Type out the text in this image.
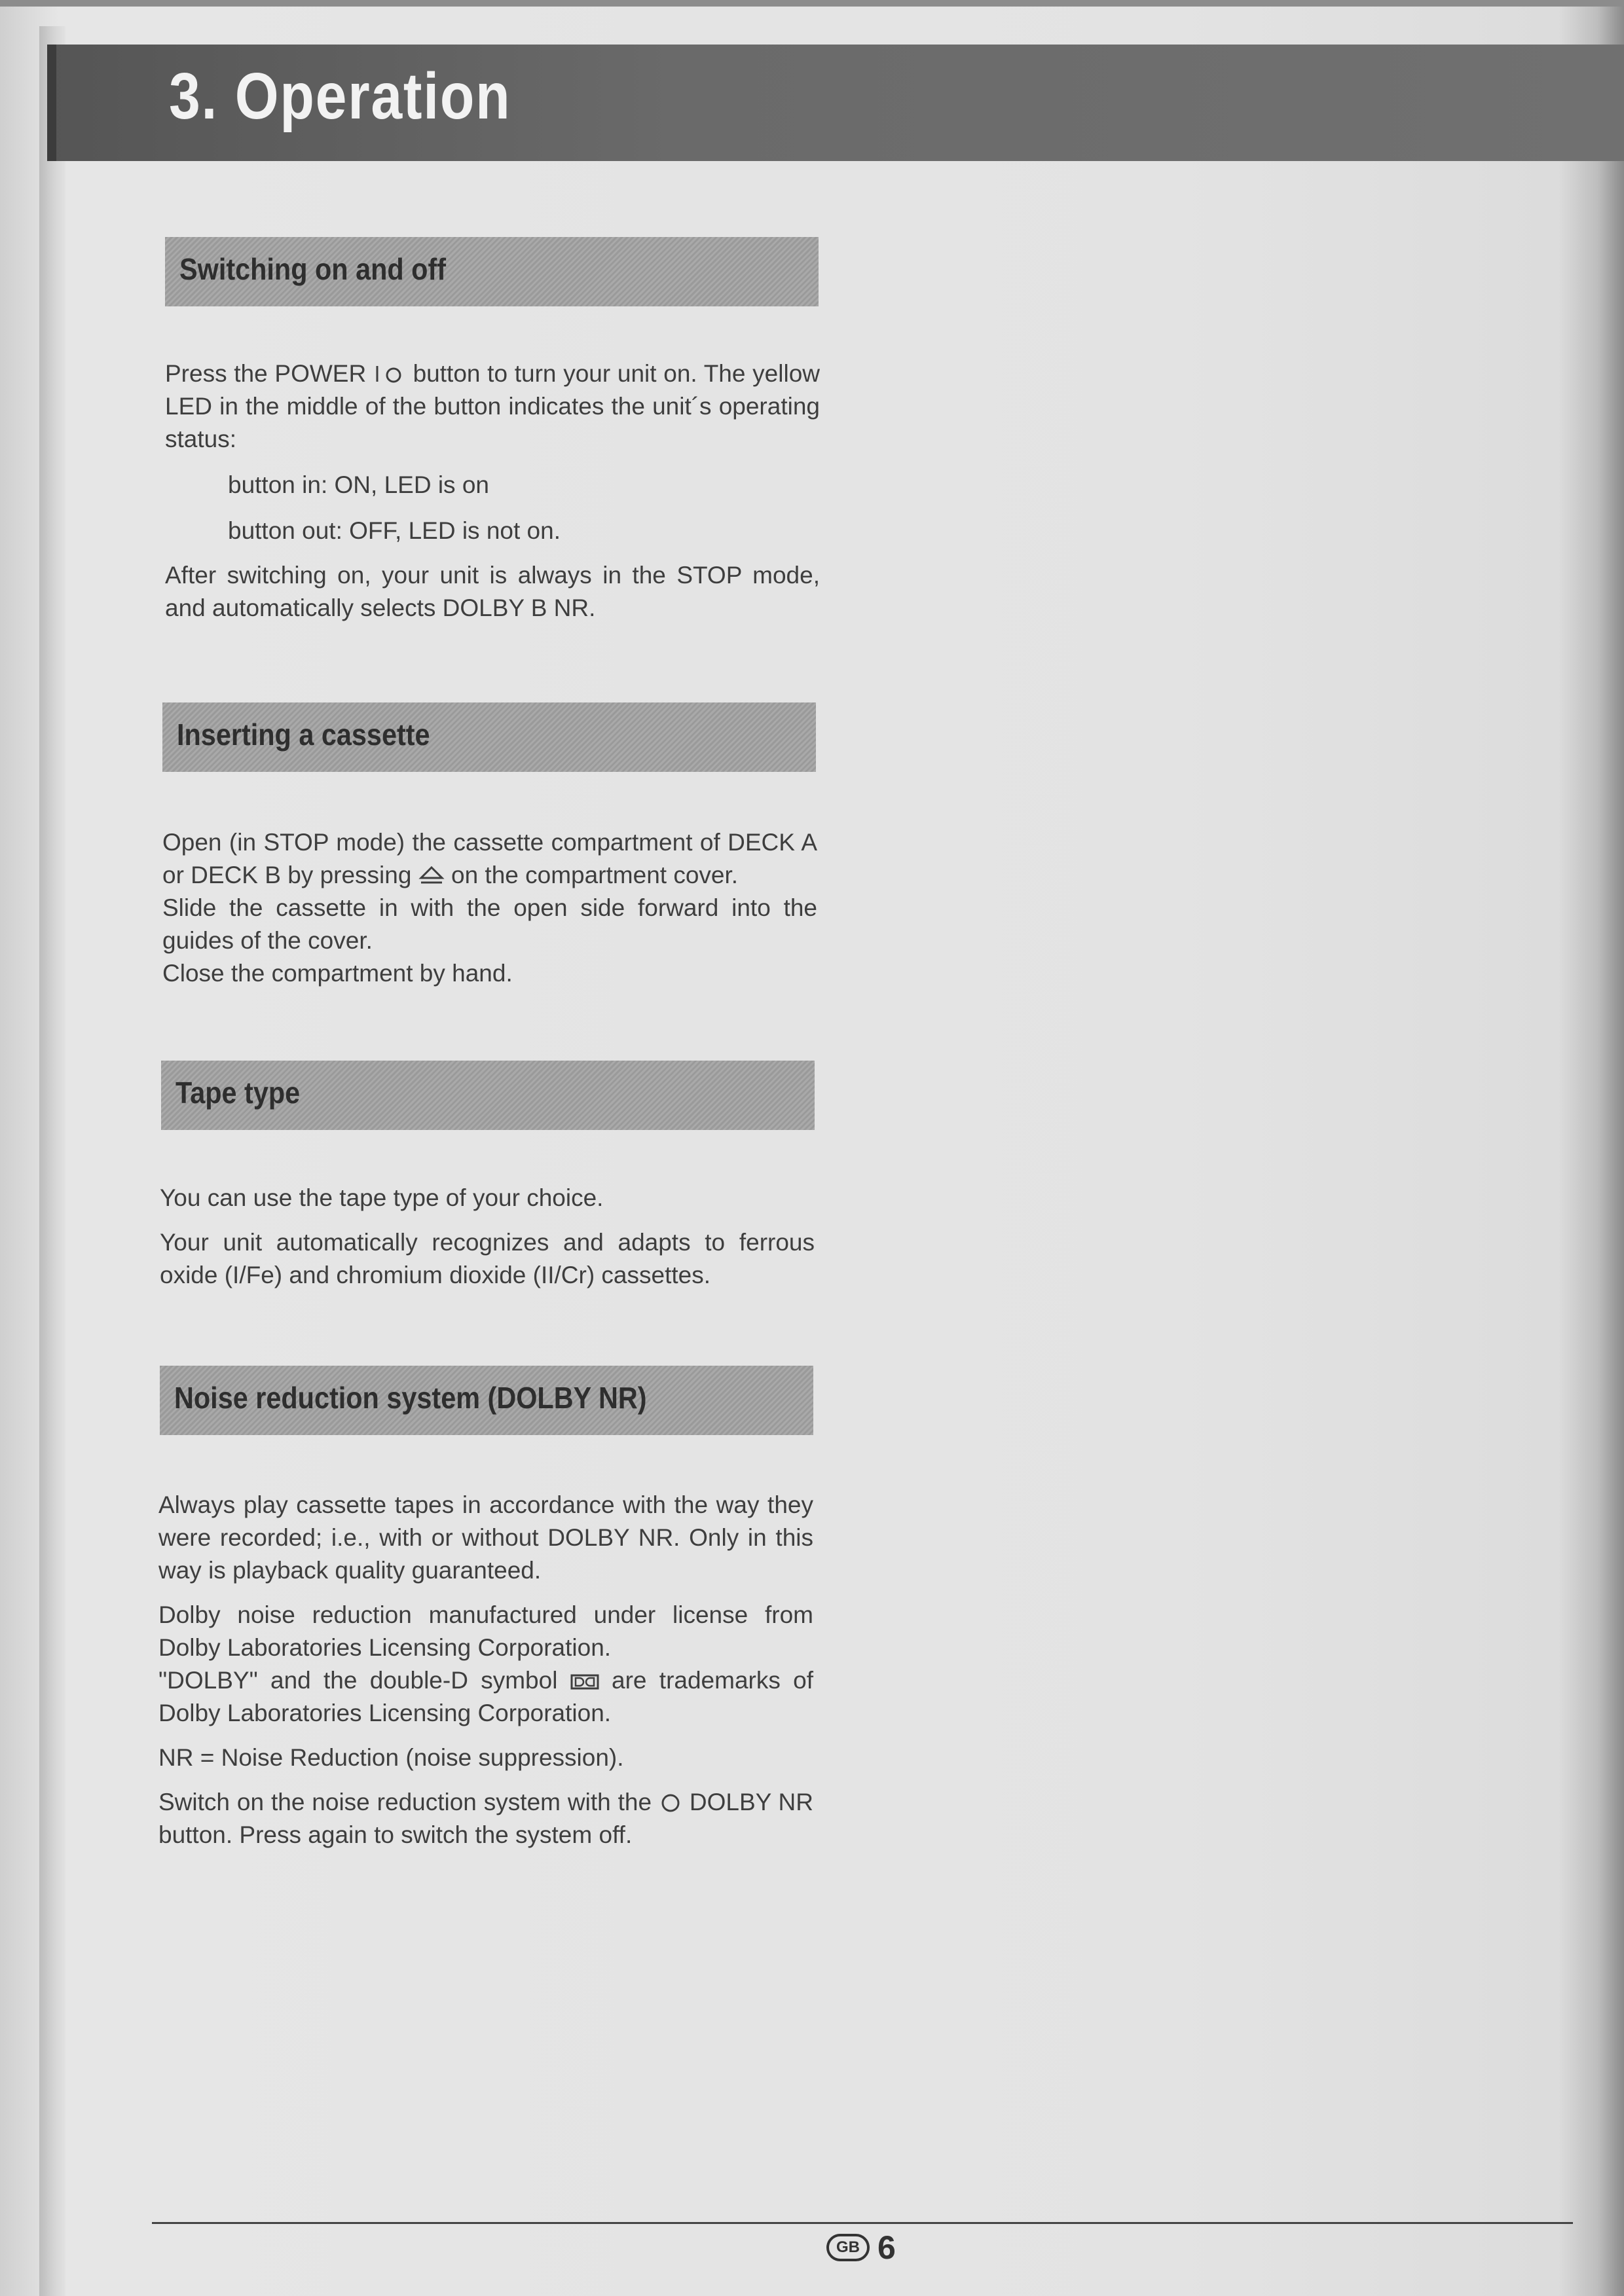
3. Operation
Switching on and off

Press the POWER  button to turn your unit on. The yellow LED in the middle of the button indicates the unit´s operating status:

button in: ON, LED is on

button out: OFF, LED is not on.

After switching on, your unit is always in the STOP mode, and automatically selects DOLBY B NR.

Inserting a cassette

Open (in STOP mode) the cassette compartment of DECK A or DECK B by pressing  on the compartment cover.

Slide the cassette in with the open side forward into the guides of the cover.

Close the compartment by hand.

Tape type

You can use the tape type of your choice.

Your unit automatically recognizes and adapts to ferrous oxide (I/Fe) and chromium dioxide (II/Cr) cassettes.

Noise reduction system (DOLBY NR)

Always play cassette tapes in accordance with the way they were recorded; i.e., with or without DOLBY NR. Only in this way is playback quality guaranteed.

Dolby noise reduction manufactured under license from Dolby Laboratories Licensing Corporation.

"DOLBY" and the double-D symbol  are trademarks of Dolby Laboratories Licensing Corporation.

NR = Noise Reduction (noise suppression).

Switch on the noise reduction system with the  DOLBY NR button. Press again to switch the system off.

GB 6
